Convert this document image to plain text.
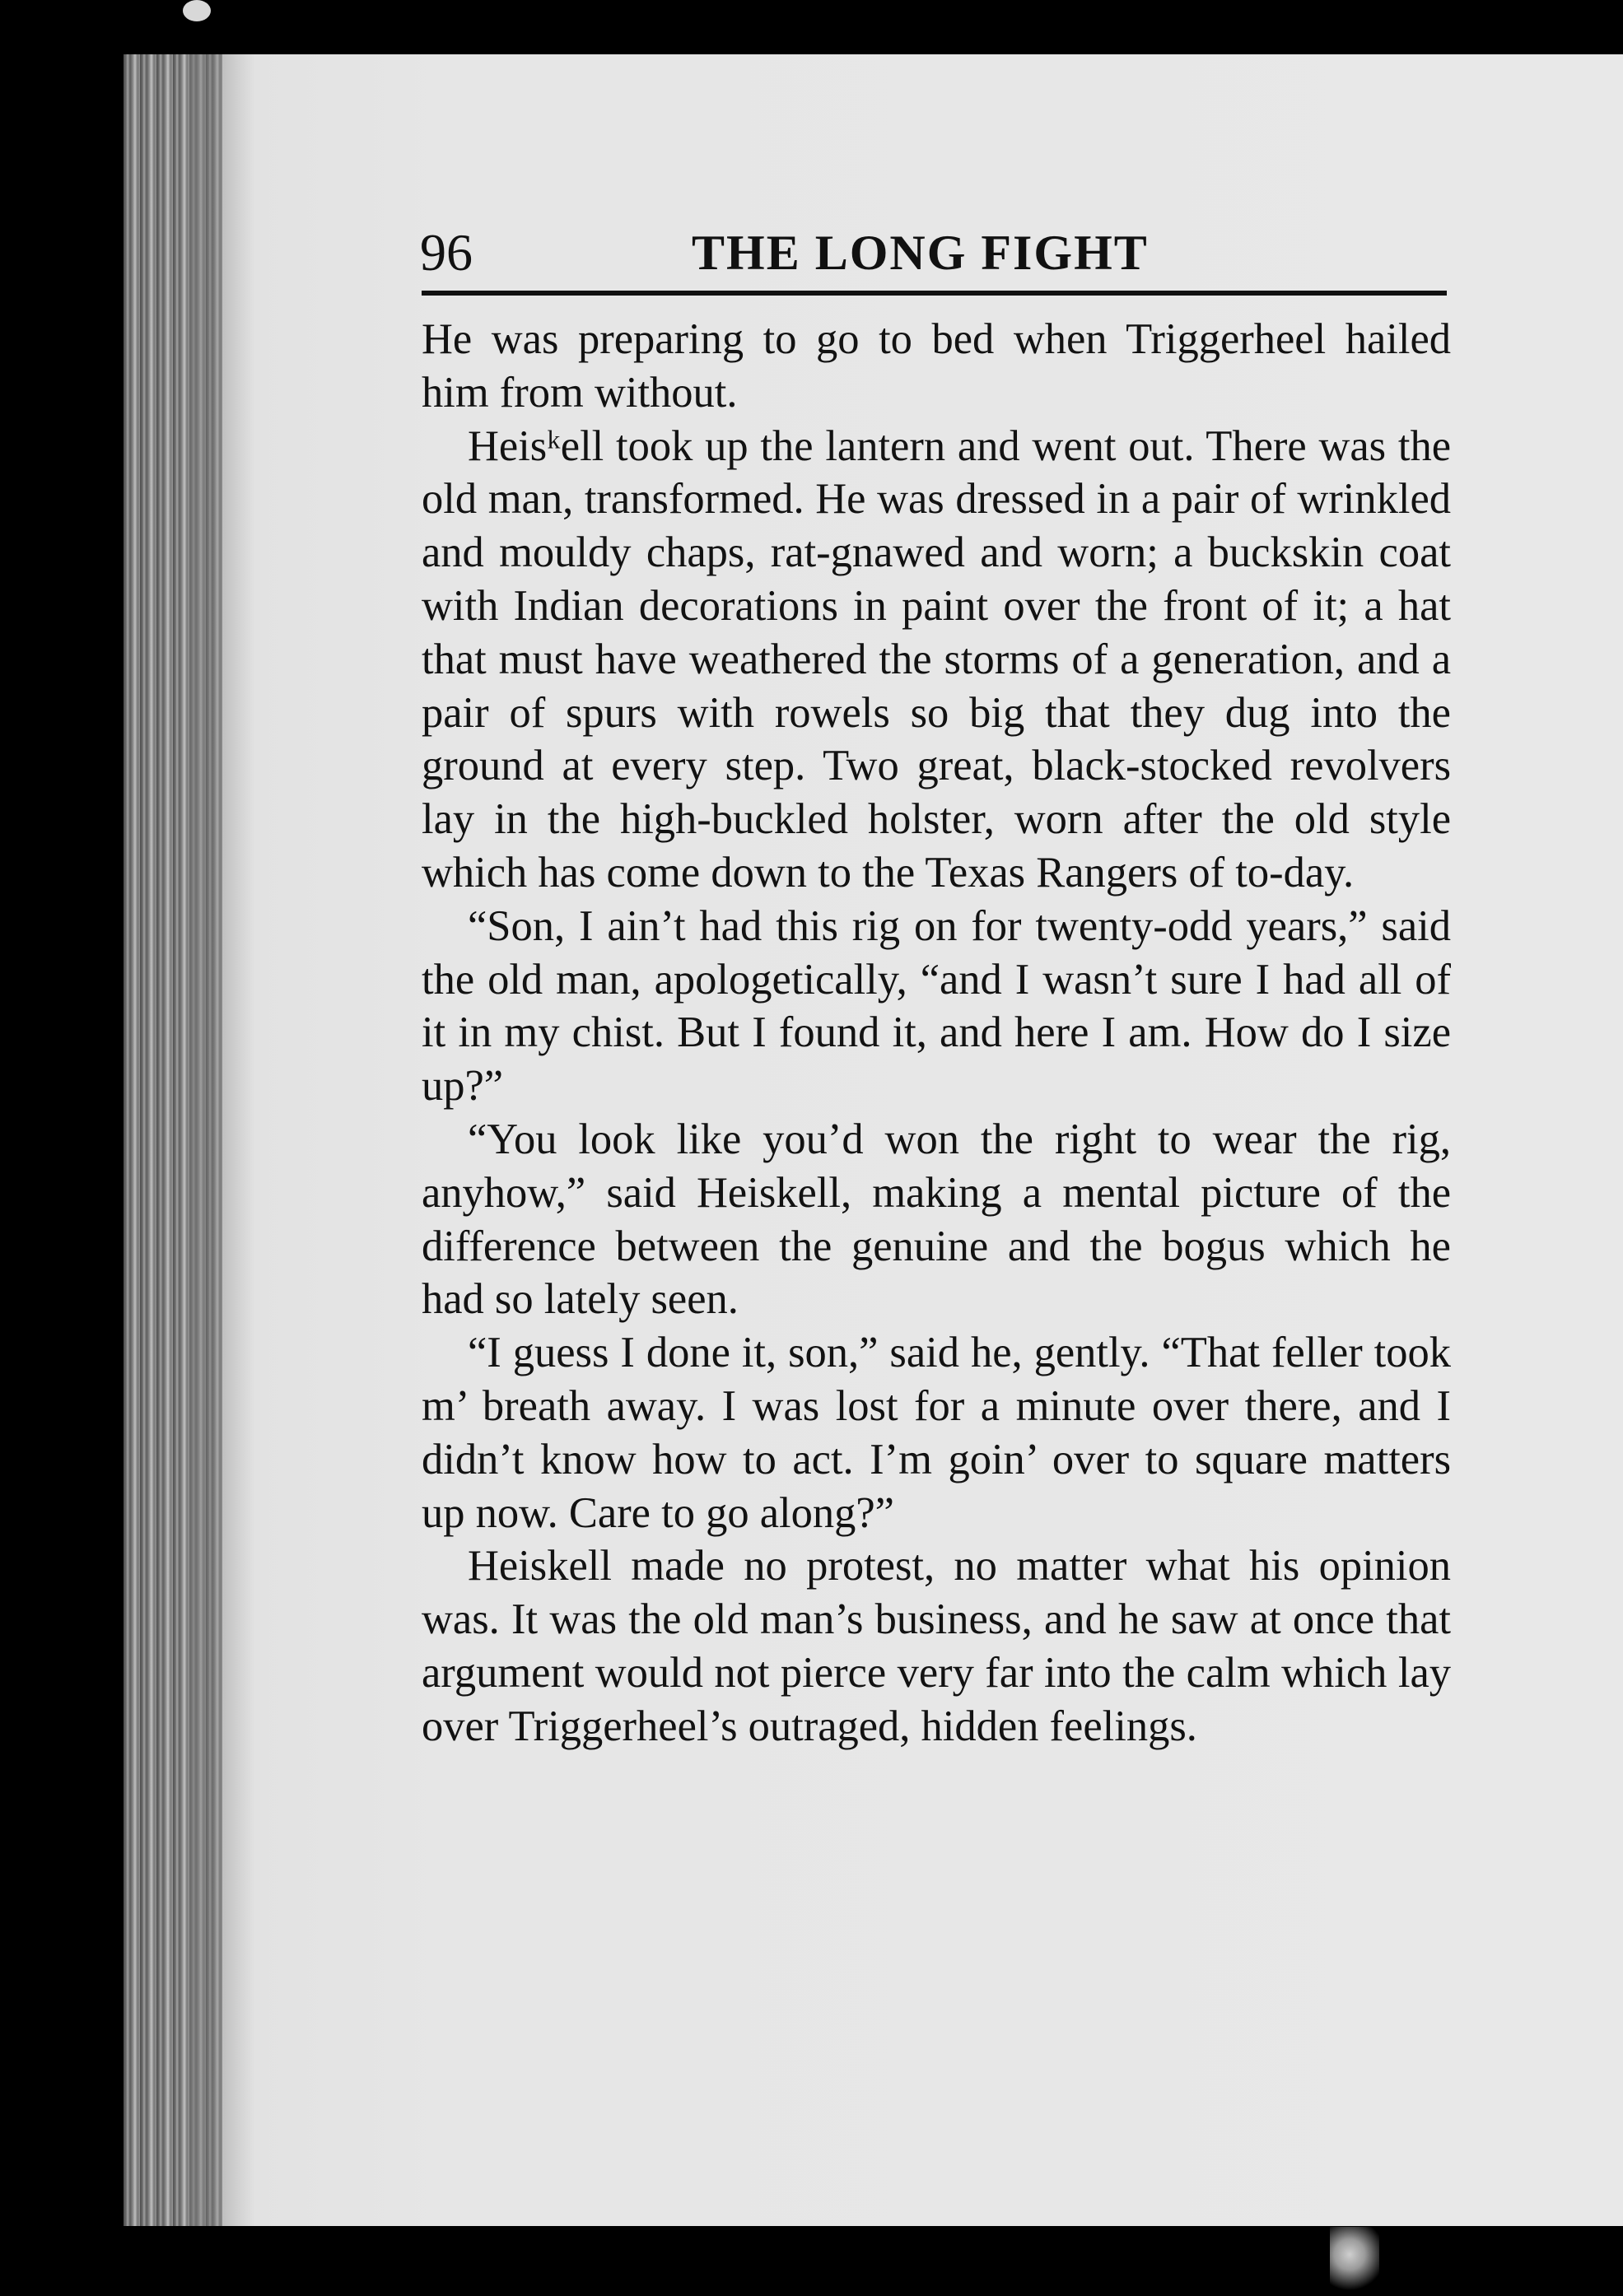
96	THE LONG FIGHT

He was preparing to go to bed when Triggerheel hailed him from without.

Heisᵏell took up the lantern and went out. There was the old man, transformed. He was dressed in a pair of wrinkled and mouldy chaps, rat-gnawed and worn; a buckskin coat with Indian decorations in paint over the front of it; a hat that must have weathered the storms of a generation, and a pair of spurs with rowels so big that they dug into the ground at every step. Two great, black-stocked revolvers lay in the high-buckled holster, worn after the old style which has come down to the Texas Rangers of to-day.

“Son, I ain’t had this rig on for twenty-odd years,” said the old man, apologetically, “and I wasn’t sure I had all of it in my chist. But I found it, and here I am. How do I size up?”

“You look like you’d won the right to wear the rig, anyhow,” said Heiskell, making a mental picture of the difference between the genuine and the bogus which he had so lately seen.

“I guess I done it, son,” said he, gently. “That feller took m’ breath away. I was lost for a minute over there, and I didn’t know how to act. I’m goin’ over to square matters up now. Care to go along?”

Heiskell made no protest, no matter what his opinion was. It was the old man’s business, and he saw at once that argument would not pierce very far into the calm which lay over Triggerheel’s outraged, hidden feelings.
